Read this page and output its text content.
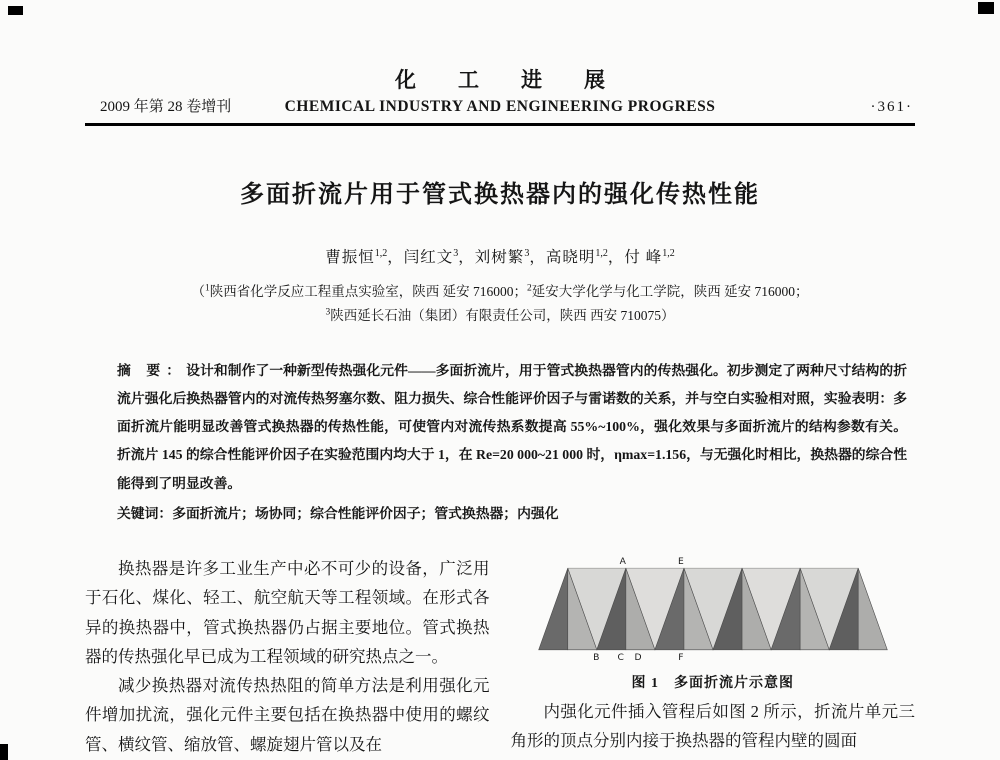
化工进展
CHEMICAL INDUSTRY AND ENGINEERING PROGRESS
2009 年第 28 卷增刊	·361·
多面折流片用于管式换热器内的强化传热性能
曹振恒$^{1,2}$，闫红文$^3$，刘树繁$^3$，高晓明$^{1,2}$，付 峰$^{1,2}$
（$^1$陕西省化学反应工程重点实验室，陕西 延安 716000；$^2$延安大学化学与化工学院，陕西 延安 716000；
$^3$陕西延长石油（集团）有限责任公司，陕西 西安 710075）
摘 要：设计和制作了一种新型传热强化元件——多面折流片，用于管式换热器管内的传热强化。初步测定了两种尺寸结构的折流片强化后换热器管内的对流传热努塞尔数、阻力损失、综合性能评价因子与雷诺数的关系，并与空白实验相对照，实验表明：多面折流片能明显改善管式换热器的传热性能，可使管内对流传热系数提高 55%~100%，强化效果与多面折流片的结构参数有关。折流片 145 的综合性能评价因子在实验范围内均大于 1，在 Re=20 000~21 000 时，ηmax=1.156，与无强化时相比，换热器的综合性能得到了明显改善。
关键词：多面折流片；场协同；综合性能评价因子；管式换热器；内强化

换热器是许多工业生产中必不可少的设备，广泛用于石化、煤化、轻工、航空航天等工程领域。在形式各异的换热器中，管式换热器仍占据主要地位。管式换热器的传热强化早已成为工程领域的研究热点之一。

减少换热器对流传热热阻的简单方法是利用强化元件增加扰流，强化元件主要包括在换热器中使用的螺纹管、横纹管、缩放管、螺旋翅片管以及在

A	E
B C D	F
图 1　多面折流片示意图

内强化元件插入管程后如图 2 所示，折流片单元三角形的顶点分别内接于换热器的管程内壁的圆面
